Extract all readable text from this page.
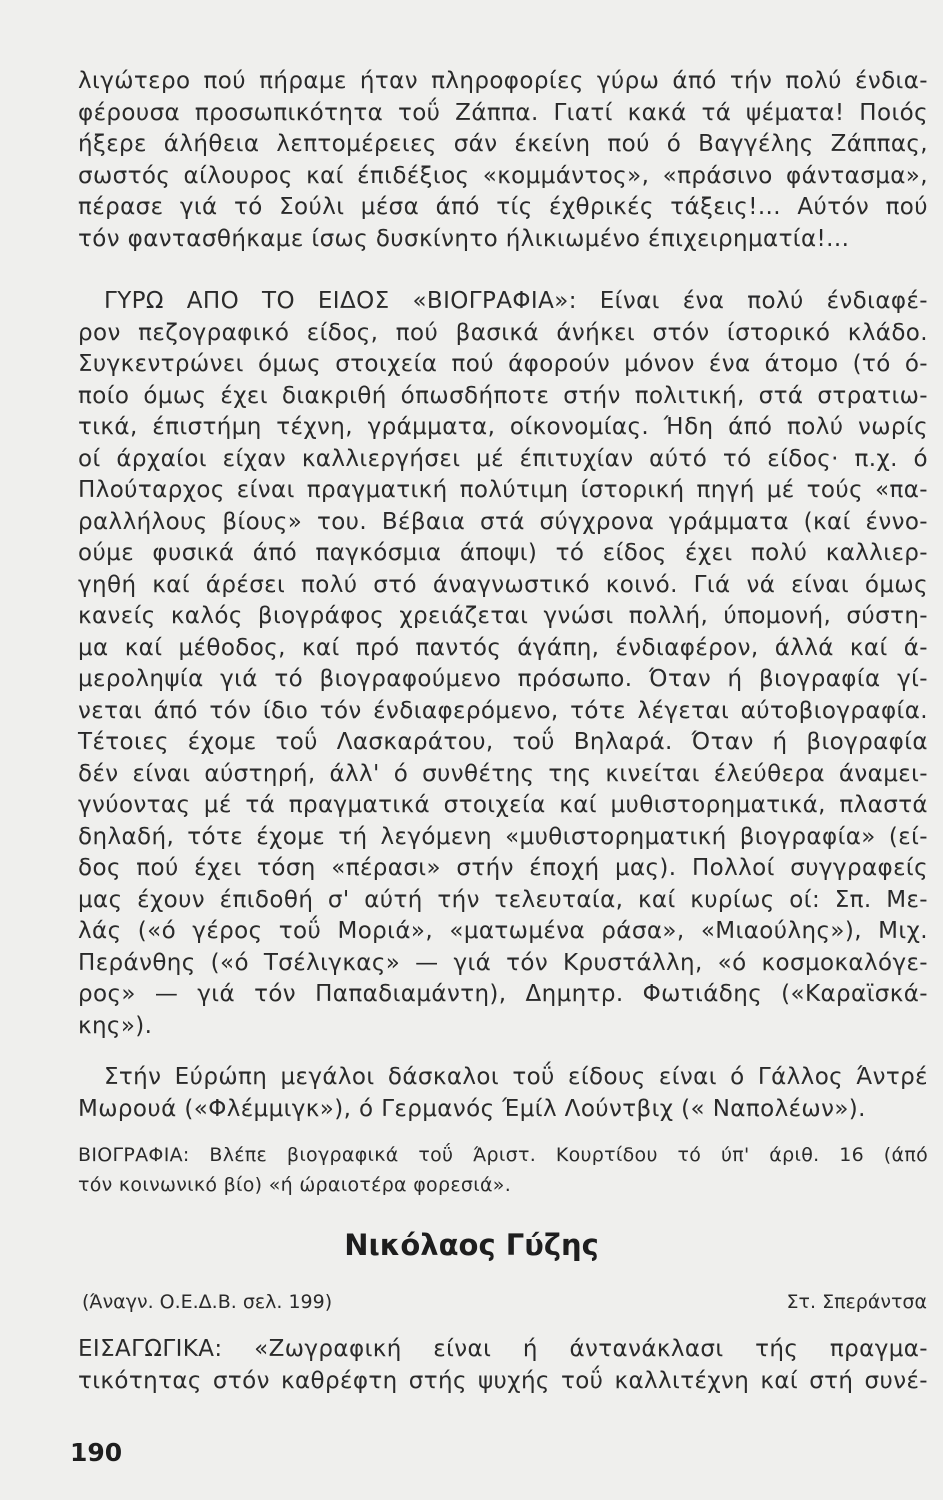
λιγώτερο πού πήραμε ήταν πληροφορίες γύρω άπό τήν πολύ ένδια-
φέρουσα προσωπικότητα τοΰ Ζάππα. Γιατί κακά τά ψέματα! Ποιός
ήξερε άλήθεια λεπτομέρειες σάν έκείνη πού ό Βαγγέλης Ζάππας,
σωστός αίλουρος καί έπιδέξιος «κομμάντος», «πράσινο φάντασμα»,
πέρασε γιά τό Σούλι μέσα άπό τίς έχθρικές τάξεις!... Αύτόν πού
τόν φαντασθήκαμε ίσως δυσκίνητο ήλικιωμένο έπιχειρηματία!...
ΓΥΡΩ ΑΠΟ ΤΟ ΕΙΔΟΣ «ΒΙΟΓΡΑΦΙΑ»: Είναι ένα πολύ ένδιαφέ-
ρον πεζογραφικό είδος, πού βασικά άνήκει στόν ίστορικό κλάδο.
Συγκεντρώνει όμως στοιχεία πού άφορούν μόνον ένα άτομο (τό ό-
ποίο όμως έχει διακριθή όπωσδήποτε στήν πολιτική, στά στρατιω-
τικά, έπιστήμη τέχνη, γράμματα, οίκονομίας. Ήδη άπό πολύ νωρίς
οί άρχαίοι είχαν καλλιεργήσει μέ έπιτυχίαν αύτό τό είδος· π.χ. ό
Πλούταρχος είναι πραγματική πολύτιμη ίστορική πηγή μέ τούς «πα-
ραλλήλους βίους» του. Βέβαια στά σύγχρονα γράμματα (καί έννο-
ούμε φυσικά άπό παγκόσμια άποψι) τό είδος έχει πολύ καλλιερ-
γηθή καί άρέσει πολύ στό άναγνωστικό κοινό. Γιά νά είναι όμως
κανείς καλός βιογράφος χρειάζεται γνώσι πολλή, ύπομονή, σύστη-
μα καί μέθοδος, καί πρό παντός άγάπη, ένδιαφέρον, άλλά καί ά-
μεροληψία γιά τό βιογραφούμενο πρόσωπο. Όταν ή βιογραφία γί-
νεται άπό τόν ίδιο τόν ένδιαφερόμενο, τότε λέγεται αύτοβιογραφία.
Τέτοιες έχομε τοΰ Λασκαράτου, τοΰ Βηλαρά. Όταν ή βιογραφία
δέν είναι αύστηρή, άλλ' ό συνθέτης της κινείται έλεύθερα άναμει-
γνύοντας μέ τά πραγματικά στοιχεία καί μυθιστορηματικά, πλαστά
δηλαδή, τότε έχομε τή λεγόμενη «μυθιστορηματική βιογραφία» (εί-
δος πού έχει τόση «πέρασι» στήν έποχή μας). Πολλοί συγγραφείς
μας έχουν έπιδοθή σ' αύτή τήν τελευταία, καί κυρίως οί: Σπ. Με-
λάς («ό γέρος τοΰ Μοριά», «ματωμένα ράσα», «Μιαούλης»), Μιχ.
Περάνθης («ό Τσέλιγκας» — γιά τόν Κρυστάλλη, «ό κοσμοκαλόγε-
ρος» — γιά τόν Παπαδιαμάντη), Δημητρ. Φωτιάδης («Καραϊσκά-
κης»).
Στήν Εύρώπη μεγάλοι δάσκαλοι τοΰ είδους είναι ό Γάλλος Άντρέ
Μωρουά («Φλέμμιγκ»), ό Γερμανός Έμίλ Λούντβιχ (« Ναπολέων»).
ΒΙΟΓΡΑΦΙΑ: Βλέπε βιογραφικά τοΰ Άριστ. Κουρτίδου τό ύπ' άριθ. 16 (άπό
τόν κοινωνικό βίο) «ή ώραιοτέρα φορεσιά».
Νικόλαος Γύζης
(Άναγν. Ο.Ε.Δ.Β. σελ. 199)	Στ. Σπεράντσα
ΕΙΣΑΓΩΓΙΚΑ: «Ζωγραφική είναι ή άντανάκλασι τής πραγμα-
τικότητας στόν καθρέφτη στής ψυχής τοΰ καλλιτέχνη καί στή συνέ-
190
